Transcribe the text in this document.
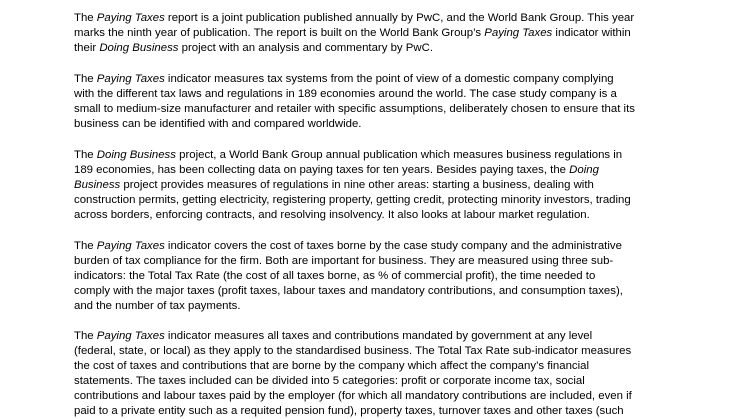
The Paying Taxes report is a joint publication published annually by PwC, and the World Bank Group. This year
marks the ninth year of publication. The report is built on the World Bank Group’s Paying Taxes indicator within
their Doing Business project with an analysis and commentary by PwC.

The Paying Taxes indicator measures tax systems from the point of view of a domestic company complying
with the different tax laws and regulations in 189 economies around the world. The case study company is a
small to medium-size manufacturer and retailer with specific assumptions, deliberately chosen to ensure that its
business can be identified with and compared worldwide.

The Doing Business project, a World Bank Group annual publication which measures business regulations in
189 economies, has been collecting data on paying taxes for ten years. Besides paying taxes, the Doing
Business project provides measures of regulations in nine other areas: starting a business, dealing with
construction permits, getting electricity, registering property, getting credit, protecting minority investors, trading
across borders, enforcing contracts, and resolving insolvency. It also looks at labour market regulation.

The Paying Taxes indicator covers the cost of taxes borne by the case study company and the administrative
burden of tax compliance for the firm. Both are important for business. They are measured using three sub-
indicators: the Total Tax Rate (the cost of all taxes borne, as % of commercial profit), the time needed to
comply with the major taxes (profit taxes, labour taxes and mandatory contributions, and consumption taxes),
and the number of tax payments.

The Paying Taxes indicator measures all taxes and contributions mandated by government at any level
(federal, state, or local) as they apply to the standardised business. The Total Tax Rate sub-indicator measures
the cost of taxes and contributions that are borne by the company which affect the company’s financial
statements. The taxes included can be divided into 5 categories: profit or corporate income tax, social
contributions and labour taxes paid by the employer (for which all mandatory contributions are included, even if
paid to a private entity such as a requited pension fund), property taxes, turnover taxes and other taxes (such
